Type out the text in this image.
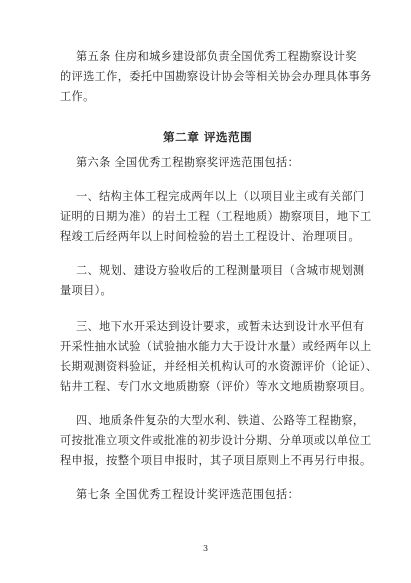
第五条 住房和城乡建设部负责全国优秀工程勘察设计奖
的评选工作，委托中国勘察设计协会等相关协会办理具体事务
工作。
第二章 评选范围
第六条 全国优秀工程勘察奖评选范围包括：
一、结构主体工程完成两年以上（以项目业主或有关部门
证明的日期为准）的岩土工程（工程地质）勘察项目，地下工
程竣工后经两年以上时间检验的岩土工程设计、治理项目。
二、规划、建设方验收后的工程测量项目（含城市规划测
量项目）。
三、地下水开采达到设计要求，或暂未达到设计水平但有
开采性抽水试验（试验抽水能力大于设计水量）或经两年以上
长期观测资料验证，并经相关机构认可的水资源评价（论证）、
钻井工程、专门水文地质勘察（评价）等水文地质勘察项目。
四、地质条件复杂的大型水利、铁道、公路等工程勘察，
可按批准立项文件或批准的初步设计分期、分单项或以单位工
程申报，按整个项目申报时，其子项目原则上不再另行申报。
第七条 全国优秀工程设计奖评选范围包括：
3
